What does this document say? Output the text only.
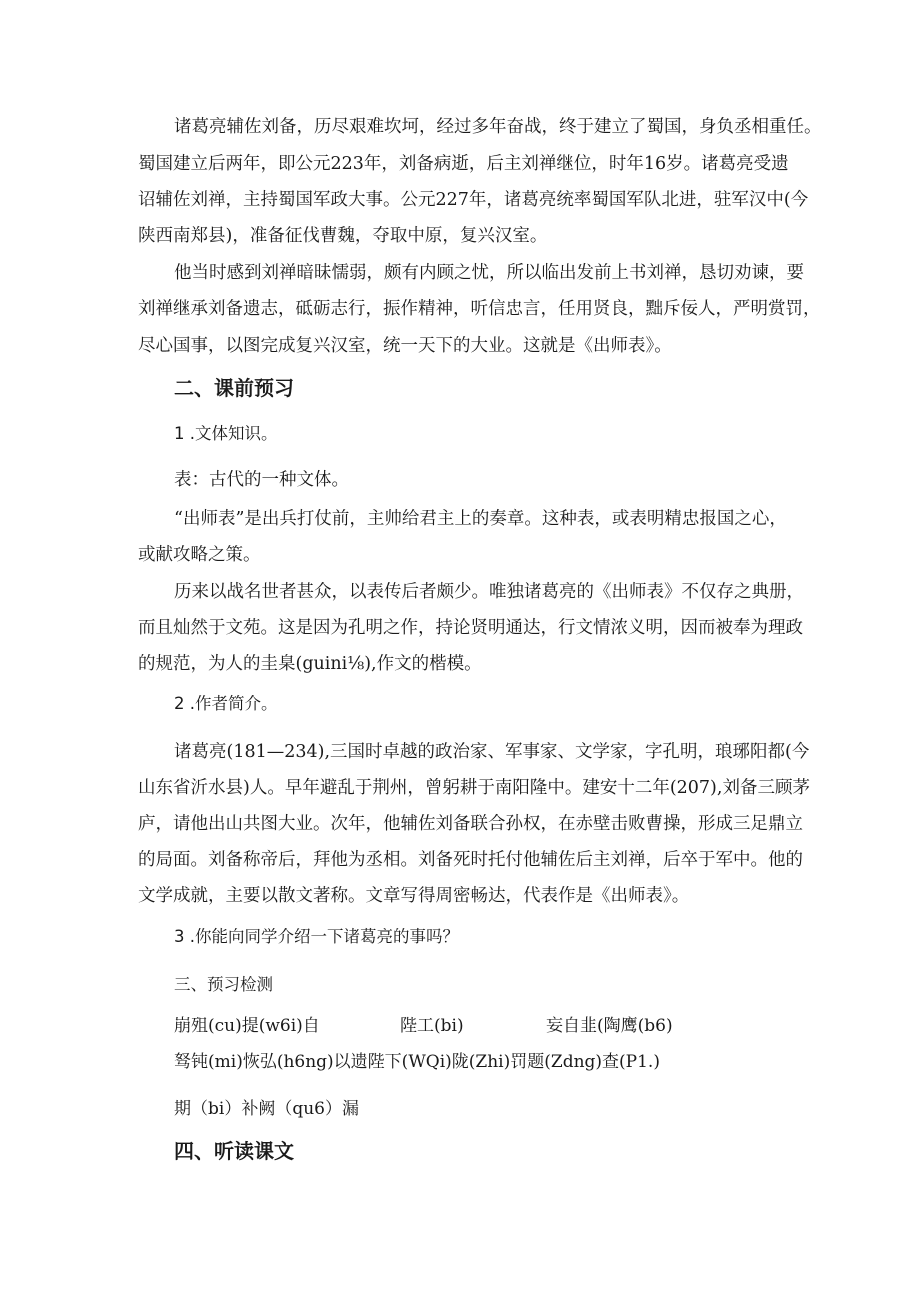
诸葛亮辅佐刘备，历尽艰难坎坷，经过多年奋战，终于建立了蜀国，身负丞相重任。
蜀国建立后两年，即公元223年，刘备病逝，后主刘禅继位，时年16岁。诸葛亮受遗
诏辅佐刘禅，主持蜀国军政大事。公元227年，诸葛亮统率蜀国军队北进，驻军汉中(今
陕西南郑县)，准备征伐曹魏，夺取中原，复兴汉室。
他当时感到刘禅暗昧懦弱，颇有内顾之忧，所以临出发前上书刘禅，恳切劝谏，要
刘禅继承刘备遗志，砥砺志行，振作精神，听信忠言，任用贤良，黜斥佞人，严明赏罚，
尽心国事，以图完成复兴汉室，统一天下的大业。这就是《出师表》。
二、课前预习
1 .文体知识。
表：古代的一种文体。
“出师表”是出兵打仗前，主帅给君主上的奏章。这种表，或表明精忠报国之心，
或献攻略之策。
历来以战名世者甚众，以表传后者颇少。唯独诸葛亮的《出师表》不仅存之典册，
而且灿然于文苑。这是因为孔明之作，持论贤明通达，行文情浓义明，因而被奉为理政
的规范，为人的圭臬(guini⅛),作文的楷模。
2 .作者简介。
诸葛亮(181—234),三国时卓越的政治家、军事家、文学家，字孔明，琅琊阳都(今
山东省沂水县)人。早年避乱于荆州，曾躬耕于南阳隆中。建安十二年(207),刘备三顾茅
庐，请他出山共图大业。次年，他辅佐刘备联合孙权，在赤壁击败曹操，形成三足鼎立
的局面。刘备称帝后，拜他为丞相。刘备死时托付他辅佐后主刘禅，后卒于军中。他的
文学成就，主要以散文著称。文章写得周密畅达，代表作是《出师表》。
3 .你能向同学介绍一下诸葛亮的事吗？
三、预习检测
崩殂(cu)提(w6i)自	陛工(bi)	妄自韭(陶鹰(b6)
驽钝(mi)恢弘(h6ng)以遗陛下(WQi)陇(Zhi)罚题(Zdng)查(P1.)
期（bi）补阙（qu6）漏
四、听读课文
